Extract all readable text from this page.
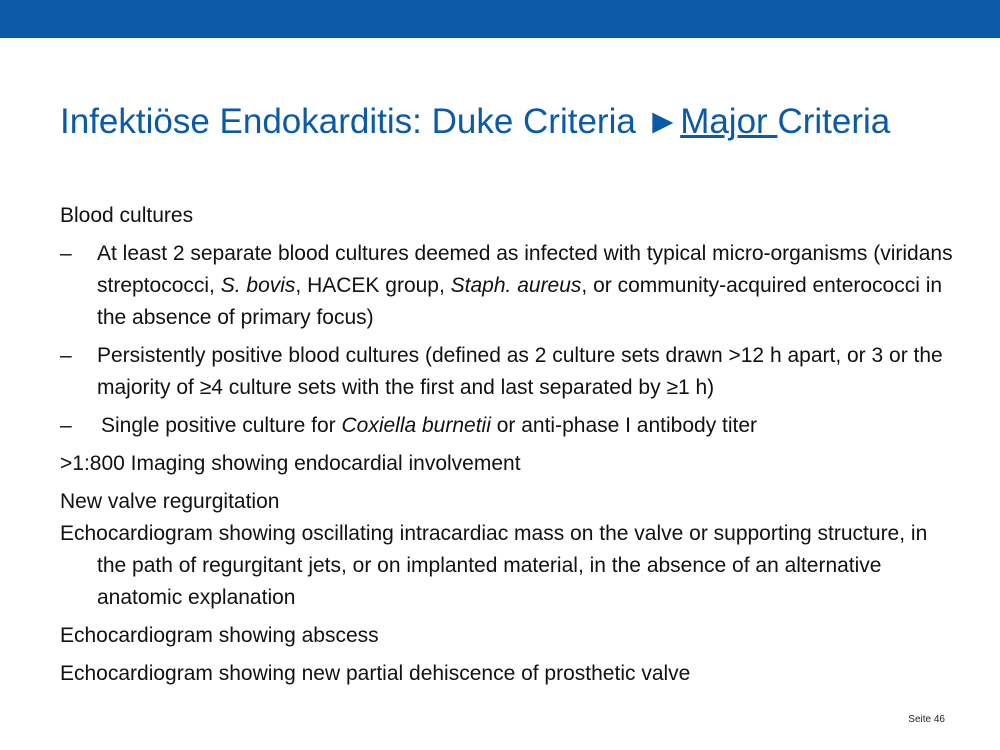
Infektiöse Endokarditis: Duke Criteria ►Major Criteria

Blood cultures

– At least 2 separate blood cultures deemed as infected with typical micro-organisms (viridans streptococci, S. bovis, HACEK group, Staph. aureus, or community-acquired enterococci in the absence of primary focus)
– Persistently positive blood cultures (defined as 2 culture sets drawn >12 h apart, or 3 or the majority of ≥4 culture sets with the first and last separated by ≥1 h)
– Single positive culture for Coxiella burnetii or anti-phase I antibody titer

>1:800 Imaging showing endocardial involvement

New valve regurgitation

Echocardiogram showing oscillating intracardiac mass on the valve or supporting structure, in the path of regurgitant jets, or on implanted material, in the absence of an alternative anatomic explanation

Echocardiogram showing abscess

Echocardiogram showing new partial dehiscence of prosthetic valve

Seite 46
